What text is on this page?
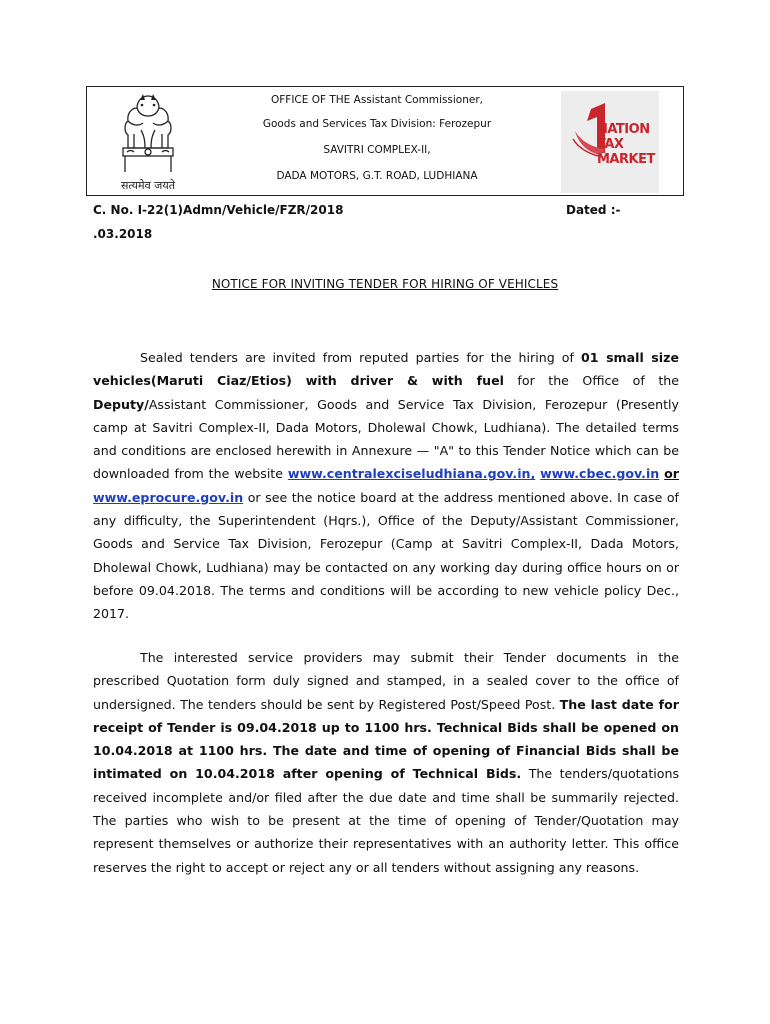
सत्यमेव जयते
OFFICE OF THE Assistant Commissioner,
Goods and Services Tax Division: Ferozepur
SAVITRI COMPLEX-II,
DADA MOTORS, G.T. ROAD, LUDHIANA
NATION
TAX
MARKET
C. No. I-22(1)Admn/Vehicle/FZR/2018	Dated :-
.03.2018
NOTICE FOR INVITING TENDER FOR HIRING OF VEHICLES

Sealed tenders are invited from reputed parties for the hiring of 01 small size vehicles(Maruti Ciaz/Etios) with driver & with fuel for the Office of the Deputy/Assistant Commissioner, Goods and Service Tax Division, Ferozepur (Presently camp at Savitri Complex-II, Dada Motors, Dholewal Chowk, Ludhiana). The detailed terms and conditions are enclosed herewith in Annexure — "A" to this Tender Notice which can be downloaded from the website www.centralexciseludhiana.gov.in, www.cbec.gov.in or www.eprocure.gov.in or see the notice board at the address mentioned above. In case of any difficulty, the Superintendent (Hqrs.), Office of the Deputy/Assistant Commissioner, Goods and Service Tax Division, Ferozepur (Camp at Savitri Complex-II, Dada Motors, Dholewal Chowk, Ludhiana) may be contacted on any working day during office hours on or before 09.04.2018. The terms and conditions will be according to new vehicle policy Dec., 2017.

The interested service providers may submit their Tender documents in the prescribed Quotation form duly signed and stamped, in a sealed cover to the office of undersigned. The tenders should be sent by Registered Post/Speed Post. The last date for receipt of Tender is 09.04.2018 up to 1100 hrs. Technical Bids shall be opened on 10.04.2018 at 1100 hrs. The date and time of opening of Financial Bids shall be intimated on 10.04.2018 after opening of Technical Bids. The tenders/quotations received incomplete and/or filed after the due date and time shall be summarily rejected. The parties who wish to be present at the time of opening of Tender/Quotation may represent themselves or authorize their representatives with an authority letter. This office reserves the right to accept or reject any or all tenders without assigning any reasons.
